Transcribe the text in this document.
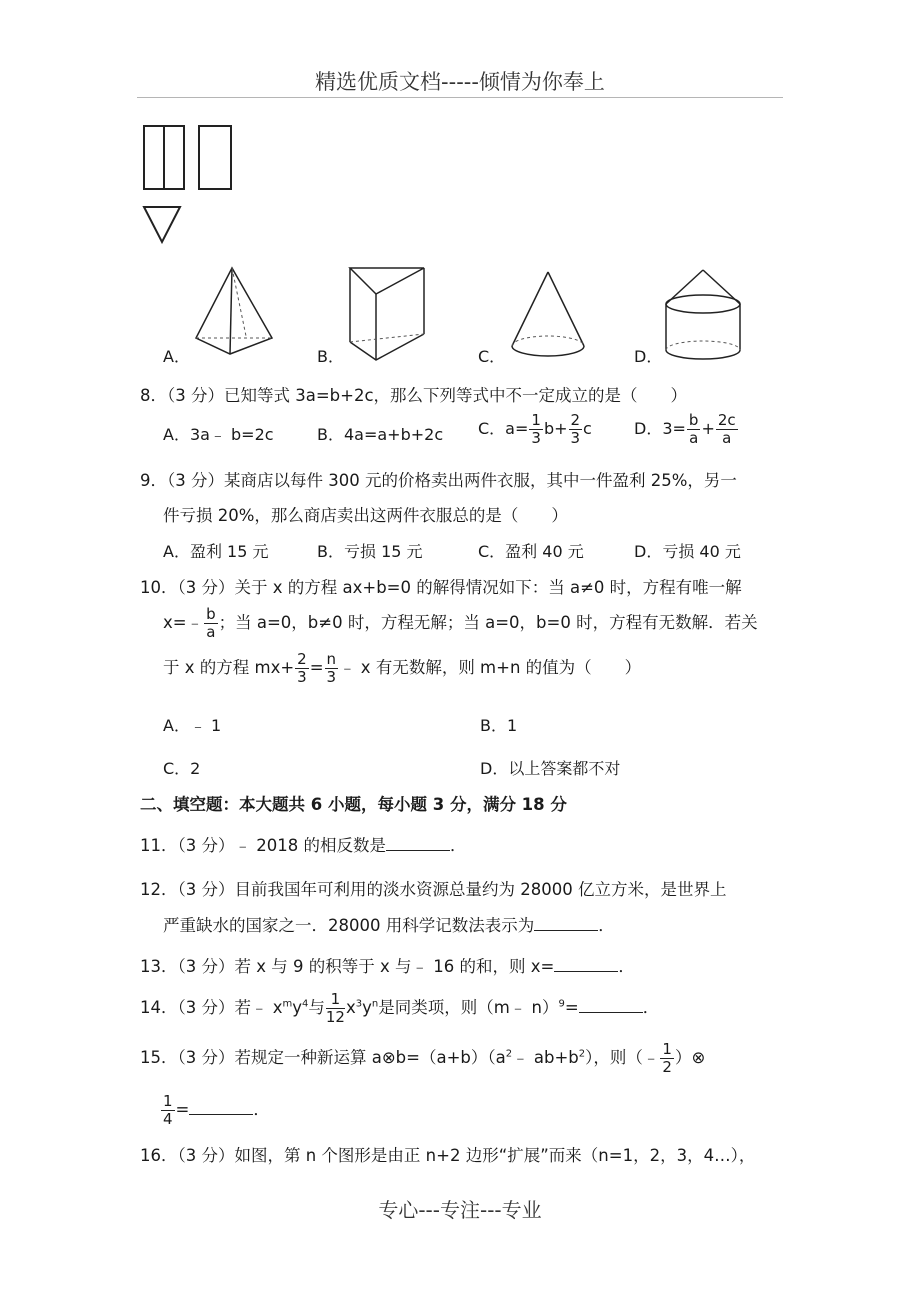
精选优质文档-----倾情为你奉上
专心---专注---专业
A．	B．	C．	D．
8．（3 分）已知等式 3a=b+2c，那么下列等式中不一定成立的是（　　）
A．3a﹣ b=2c	B．4a=a+b+2c C．$a= \frac{1}{3} b+ \frac{2}{3}$ c	D．$3= \frac{b}{a} + \frac{2c}{a}$
9．（3 分）某商店以每件 300 元的价格卖出两件衣服，其中一件盈利 25%，另一
件亏损 20%，那么商店卖出这两件衣服总的是（　　）
A．盈利 15 元	B．亏损 15 元	C．盈利 40 元	D．亏损 40 元
10．（3 分）关于 x 的方程 ax+b=0 的解得情况如下：当 a≠0 时，方程有唯一解
x=﹣ $\frac{b}{a}$ ；当 a=0，b≠0 时，方程无解；当 a=0，b=0 时，方程有无数解．若关
于 x 的方程 $mx+ \frac{2}{3} = \frac{n}{3}$ ﹣ x 有无数解，则 m+n 的值为（　　）
A．﹣ 1	B．1
C．2	D．以上答案都不对
二、填空题：本大题共 6 小题，每小题 3 分，满分 18 分
11．（3 分）﹣ 2018 的相反数是	．
12．（3 分）目前我国年可利用的淡水资源总量约为 28000 亿立方米，是世界上
严重缺水的国家之一．28000 用科学记数法表示为	．
13．（3 分）若 x 与 9 的积等于 x 与﹣ 16 的和，则 x=	．
14．（3 分）若﹣ $x^my^4$与 $\frac{1}{12} x^3y^n$是同类项，则（m﹣ n）$^9$=	．
15．（3 分）若规定一种新运算 $a\otimes b=(a+b)(a^2﹣$ $ab+b^2$），则（﹣ $\frac{1}{2}$ ）⊗
$\frac{1}{4}$ =	．
16．（3 分）如图，第 n 个图形是由正 n+2 边形“扩展”而来（n=1，2，3，4…），
